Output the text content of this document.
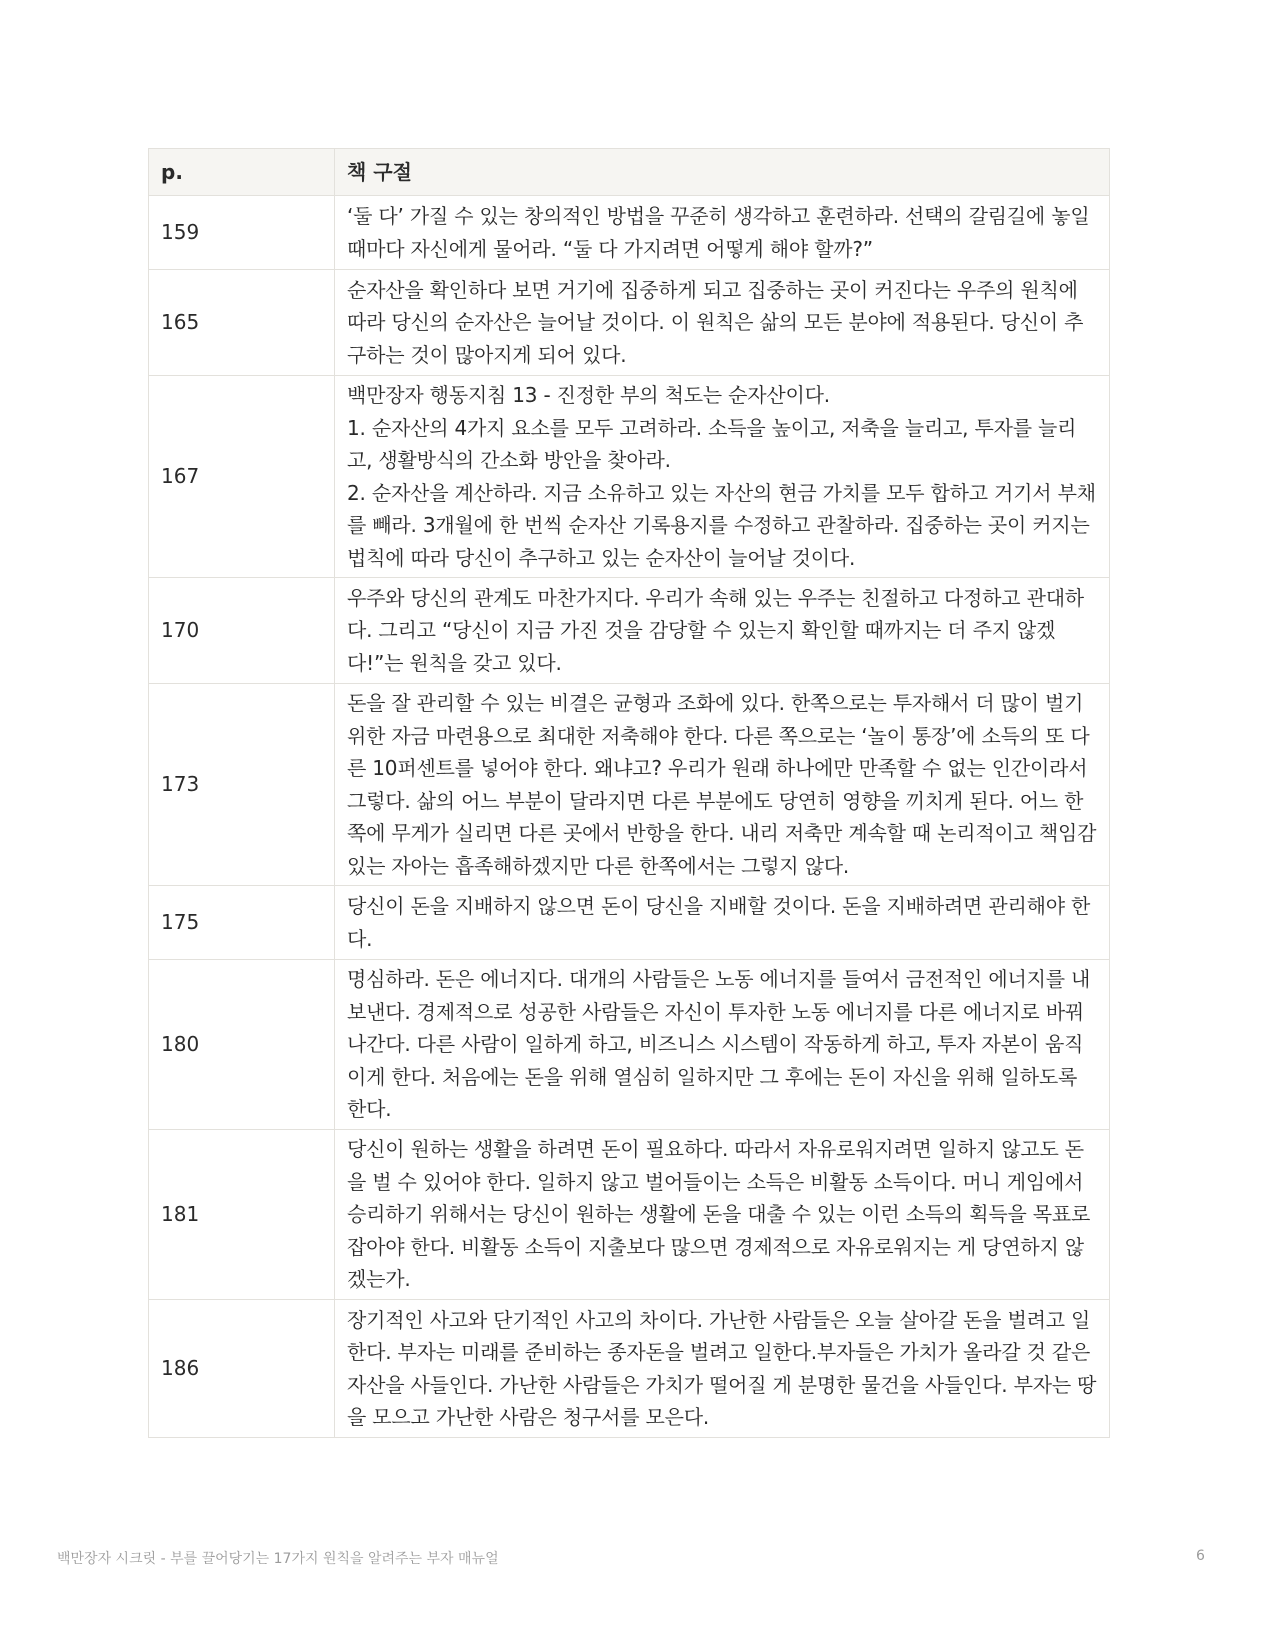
p.	책 구절
159	‘둘 다’ 가질 수 있는 창의적인 방법을 꾸준히 생각하고 훈련하라. 선택의 갈림길에 놓일 때마다 자신에게 물어라. “둘 다 가지려면 어떻게 해야 할까?”
165	순자산을 확인하다 보면 거기에 집중하게 되고 집중하는 곳이 커진다는 우주의 원칙에 따라 당신의 순자산은 늘어날 것이다. 이 원칙은 삶의 모든 분야에 적용된다. 당신이 추구하는 것이 많아지게 되어 있다.
167	백만장자 행동지침 13 - 진정한 부의 척도는 순자산이다.
1. 순자산의 4가지 요소를 모두 고려하라. 소득을 높이고, 저축을 늘리고, 투자를 늘리고, 생활방식의 간소화 방안을 찾아라.
2. 순자산을 계산하라. 지금 소유하고 있는 자산의 현금 가치를 모두 합하고 거기서 부채를 빼라. 3개월에 한 번씩 순자산 기록용지를 수정하고 관찰하라. 집중하는 곳이 커지는 법칙에 따라 당신이 추구하고 있는 순자산이 늘어날 것이다.
170	우주와 당신의 관계도 마찬가지다. 우리가 속해 있는 우주는 친절하고 다정하고 관대하다. 그리고 “당신이 지금 가진 것을 감당할 수 있는지 확인할 때까지는 더 주지 않겠다!”는 원칙을 갖고 있다.
173	돈을 잘 관리할 수 있는 비결은 균형과 조화에 있다. 한쪽으로는 투자해서 더 많이 벌기 위한 자금 마련용으로 최대한 저축해야 한다. 다른 쪽으로는 ‘놀이 통장’에 소득의 또 다른 10퍼센트를 넣어야 한다. 왜냐고? 우리가 원래 하나에만 만족할 수 없는 인간이라서 그렇다. 삶의 어느 부분이 달라지면 다른 부분에도 당연히 영향을 끼치게 된다. 어느 한쪽에 무게가 실리면 다른 곳에서 반항을 한다. 내리 저축만 계속할 때 논리적이고 책임감 있는 자아는 흡족해하겠지만 다른 한쪽에서는 그렇지 않다.
175	당신이 돈을 지배하지 않으면 돈이 당신을 지배할 것이다. 돈을 지배하려면 관리해야 한다.
180	명심하라. 돈은 에너지다. 대개의 사람들은 노동 에너지를 들여서 금전적인 에너지를 내보낸다. 경제적으로 성공한 사람들은 자신이 투자한 노동 에너지를 다른 에너지로 바꿔나간다. 다른 사람이 일하게 하고, 비즈니스 시스템이 작동하게 하고, 투자 자본이 움직이게 한다. 처음에는 돈을 위해 열심히 일하지만 그 후에는 돈이 자신을 위해 일하도록 한다.
181	당신이 원하는 생활을 하려면 돈이 필요하다. 따라서 자유로워지려면 일하지 않고도 돈을 벌 수 있어야 한다. 일하지 않고 벌어들이는 소득은 비활동 소득이다. 머니 게임에서 승리하기 위해서는 당신이 원하는 생활에 돈을 대출 수 있는 이런 소득의 획득을 목표로 잡아야 한다. 비활동 소득이 지출보다 많으면 경제적으로 자유로워지는 게 당연하지 않겠는가.
186	장기적인 사고와 단기적인 사고의 차이다. 가난한 사람들은 오늘 살아갈 돈을 벌려고 일한다. 부자는 미래를 준비하는 종자돈을 벌려고 일한다.부자들은 가치가 올라갈 것 같은 자산을 사들인다. 가난한 사람들은 가치가 떨어질 게 분명한 물건을 사들인다. 부자는 땅을 모으고 가난한 사람은 청구서를 모은다.
백만장자 시크릿 - 부를 끌어당기는 17가지 원칙을 알려주는 부자 매뉴얼	6
